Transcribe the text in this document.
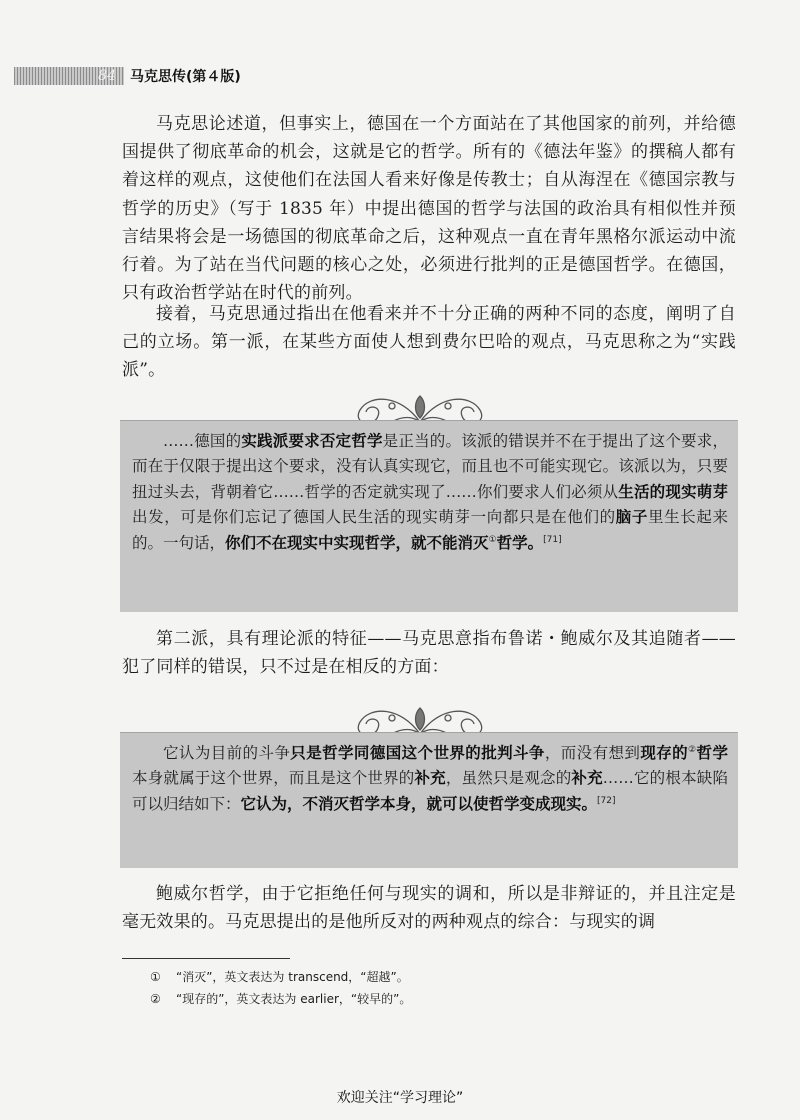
84 马克思传(第４版)

马克思论述道，但事实上，德国在一个方面站在了其他国家的前列，并给德国提供了彻底革命的机会，这就是它的哲学。所有的《德法年鉴》的撰稿人都有着这样的观点，这使他们在法国人看来好像是传教士；自从海涅在《德国宗教与哲学的历史》（写于 1835 年）中提出德国的哲学与法国的政治具有相似性并预言结果将会是一场德国的彻底革命之后，这种观点一直在青年黑格尔派运动中流行着。为了站在当代问题的核心之处，必须进行批判的正是德国哲学。在德国，只有政治哲学站在时代的前列。

接着，马克思通过指出在他看来并不十分正确的两种不同的态度，阐明了自己的立场。第一派，在某些方面使人想到费尔巴哈的观点，马克思称之为“实践派”。

……德国的实践派要求否定哲学是正当的。该派的错误并不在于提出了这个要求，而在于仅限于提出这个要求，没有认真实现它，而且也不可能实现它。该派以为，只要扭过头去，背朝着它……哲学的否定就实现了……你们要求人们必须从生活的现实萌芽出发，可是你们忘记了德国人民生活的现实萌芽一向都只是在他们的脑子里生长起来的。一句话，你们不在现实中实现哲学，就不能消灭①哲学。[71]

第二派，具有理论派的特征——马克思意指布鲁诺・鲍威尔及其追随者——犯了同样的错误，只不过是在相反的方面：

它认为目前的斗争只是哲学同德国这个世界的批判斗争，而没有想到现存的②哲学本身就属于这个世界，而且是这个世界的补充，虽然只是观念的补充……它的根本缺陷可以归结如下：它认为，不消灭哲学本身，就可以使哲学变成现实。[72]

鲍威尔哲学，由于它拒绝任何与现实的调和，所以是非辩证的，并且注定是毫无效果的。马克思提出的是他所反对的两种观点的综合：与现实的调

① “消灭”，英文表达为 transcend，“超越”。
② “现存的”，英文表达为 earlier，“较早的”。
欢迎关注“学习理论”
